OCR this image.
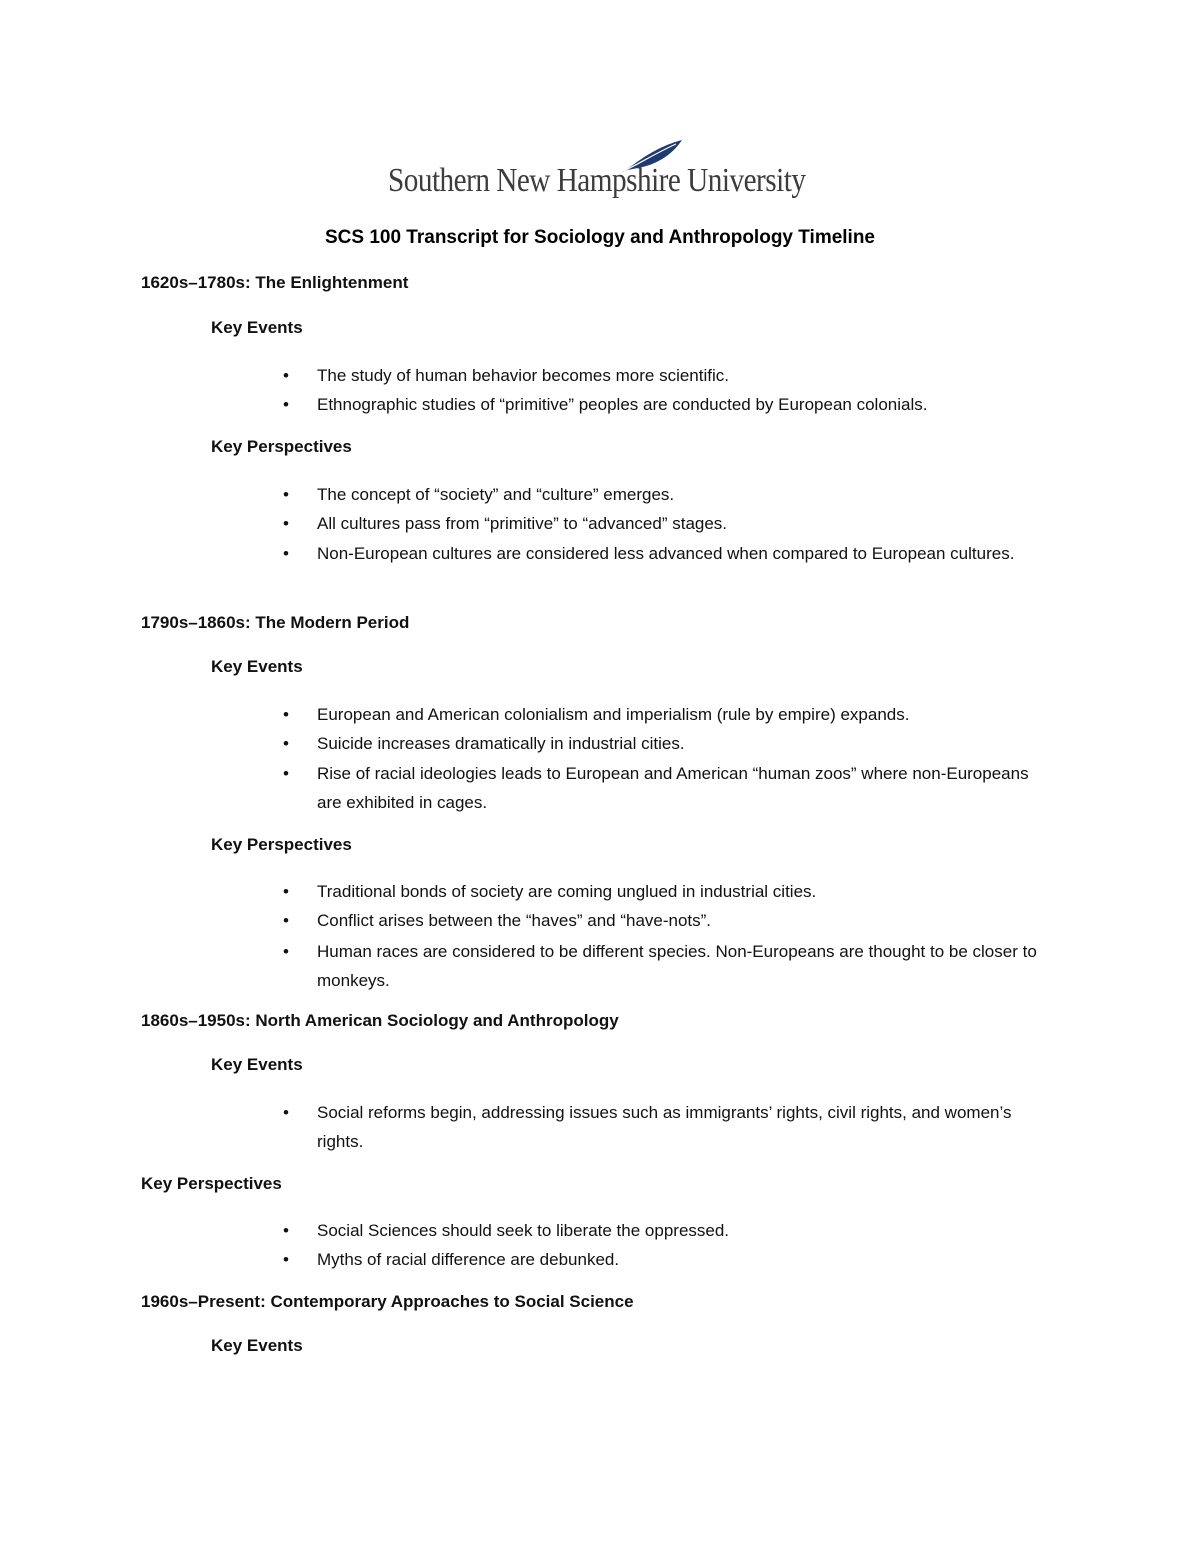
Southern New Hampshire University
SCS 100 Transcript for Sociology and Anthropology Timeline
1620s–1780s: The Enlightenment
Key Events
•	The study of human behavior becomes more scientific.
•	Ethnographic studies of “primitive” peoples are conducted by European colonials.
Key Perspectives
•	The concept of “society” and “culture” emerges.
•	All cultures pass from “primitive” to “advanced” stages.
•	Non-European cultures are considered less advanced when compared to European cultures.
1790s–1860s: The Modern Period
Key Events
•	European and American colonialism and imperialism (rule by empire) expands.
•	Suicide increases dramatically in industrial cities.
•	Rise of racial ideologies leads to European and American “human zoos” where non-Europeans are exhibited in cages.
Key Perspectives
•	Traditional bonds of society are coming unglued in industrial cities.
•	Conflict arises between the “haves” and “have-nots”.
•	Human races are considered to be different species. Non-Europeans are thought to be closer to monkeys.
1860s–1950s: North American Sociology and Anthropology
Key Events
•	Social reforms begin, addressing issues such as immigrants’ rights, civil rights, and women’s rights.
Key Perspectives
•	Social Sciences should seek to liberate the oppressed.
•	Myths of racial difference are debunked.
1960s–Present: Contemporary Approaches to Social Science
Key Events
